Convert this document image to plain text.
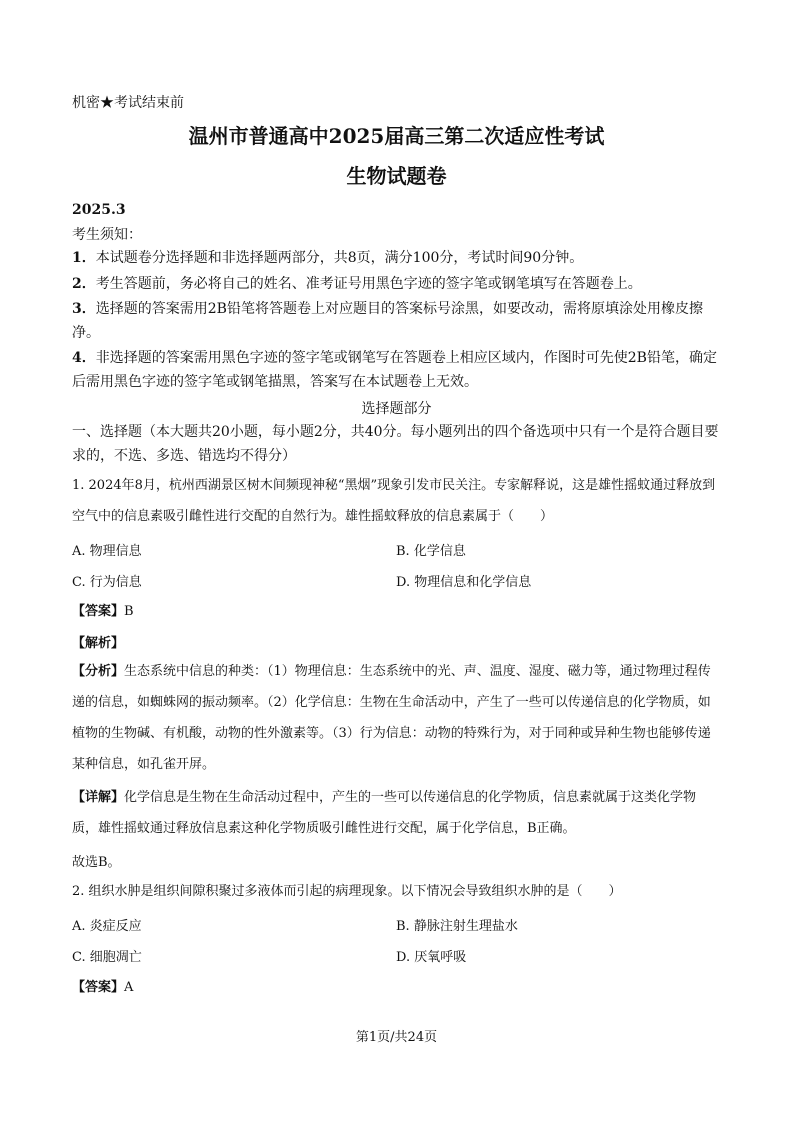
机密★考试结束前
温州市普通高中2025届高三第二次适应性考试
生物试题卷
2025.3
考生须知：
1．本试题卷分选择题和非选择题两部分，共8页，满分100分，考试时间90分钟。
2．考生答题前，务必将自己的姓名、准考证号用黑色字迹的签字笔或钢笔填写在答题卷上。
3．选择题的答案需用2B铅笔将答题卷上对应题目的答案标号涂黑，如要改动，需将原填涂处用橡皮擦净。
4．非选择题的答案需用黑色字迹的签字笔或钢笔写在答题卷上相应区域内，作图时可先使2B铅笔，确定后需用黑色字迹的签字笔或钢笔描黑，答案写在本试题卷上无效。
选择题部分
一、选择题（本大题共20小题，每小题2分，共40分。每小题列出的四个备选项中只有一个是符合题目要求的，不选、多选、错选均不得分）
1. 2024年8月，杭州西湖景区树木间频现神秘“黑烟”现象引发市民关注。专家解释说，这是雄性摇蚊通过释放到空气中的信息素吸引雌性进行交配的自然行为。雄性摇蚊释放的信息素属于（　　）
A. 物理信息	B. 化学信息
C. 行为信息	D. 物理信息和化学信息
【答案】B
【解析】
【分析】生态系统中信息的种类：（1）物理信息：生态系统中的光、声、温度、湿度、磁力等，通过物理过程传递的信息，如蜘蛛网的振动频率。（2）化学信息：生物在生命活动中，产生了一些可以传递信息的化学物质，如植物的生物碱、有机酸，动物的性外激素等。（3）行为信息：动物的特殊行为，对于同种或异种生物也能够传递某种信息，如孔雀开屏。
【详解】化学信息是生物在生命活动过程中，产生的一些可以传递信息的化学物质，信息素就属于这类化学物质，雄性摇蚊通过释放信息素这种化学物质吸引雌性进行交配，属于化学信息，B正确。
故选B。
2. 组织水肿是组织间隙积聚过多液体而引起的病理现象。以下情况会导致组织水肿的是（　　）
A. 炎症反应	B. 静脉注射生理盐水
C. 细胞凋亡	D. 厌氧呼吸
【答案】A
第1页/共24页
